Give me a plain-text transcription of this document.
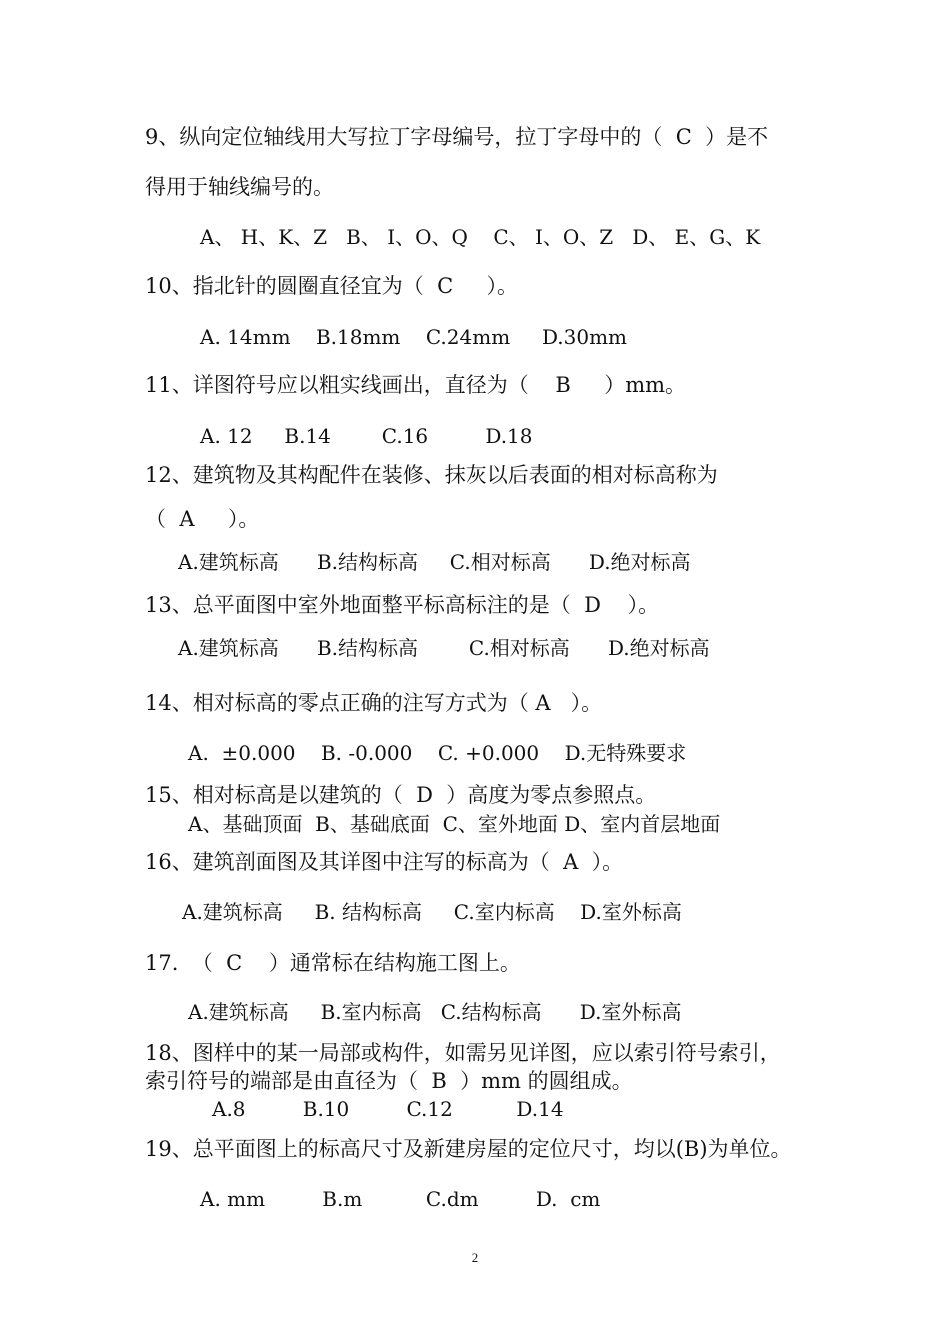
9、纵向定位轴线用大写拉丁字母编号，拉丁字母中的（  C  ）是不
得用于轴线编号的。
A、 H、K、Z   B、 I、O、Q    C、 I、O、Z   D、 E、G、K
10、指北针的圆圈直径宜为（  C     ）。
A. 14mm    B.18mm    C.24mm     D.30mm
11、详图符号应以粗实线画出，直径为（    B     ）mm。
A. 12     B.14        C.16         D.18
12、建筑物及其构配件在装修、抹灰以后表面的相对标高称为
（  A     ）。
A.建筑标高      B.结构标高     C.相对标高      D.绝对标高
13、总平面图中室外地面整平标高标注的是（  D    ）。
A.建筑标高      B.结构标高        C.相对标高      D.绝对标高
14、相对标高的零点正确的注写方式为（ A   ）。
A.  ±0.000    B. -0.000    C. +0.000    D.无特殊要求
15、相对标高是以建筑的（  D  ）高度为零点参照点。
A、基础顶面  B、基础底面  C、室外地面 D、室内首层地面
16、建筑剖面图及其详图中注写的标高为（  A  ）。
A.建筑标高     B. 结构标高     C.室内标高    D.室外标高
17.  （  C    ）通常标在结构施工图上。
A.建筑标高     B.室内标高   C.结构标高      D.室外标高
18、图样中的某一局部或构件，如需另见详图，应以索引符号索引，
索引符号的端部是由直径为（  B  ）mm 的圆组成。
A.8         B.10         C.12          D.14
19、总平面图上的标高尺寸及新建房屋的定位尺寸，均以(B)为单位。
A. mm         B.m          C.dm         D.  cm
2
